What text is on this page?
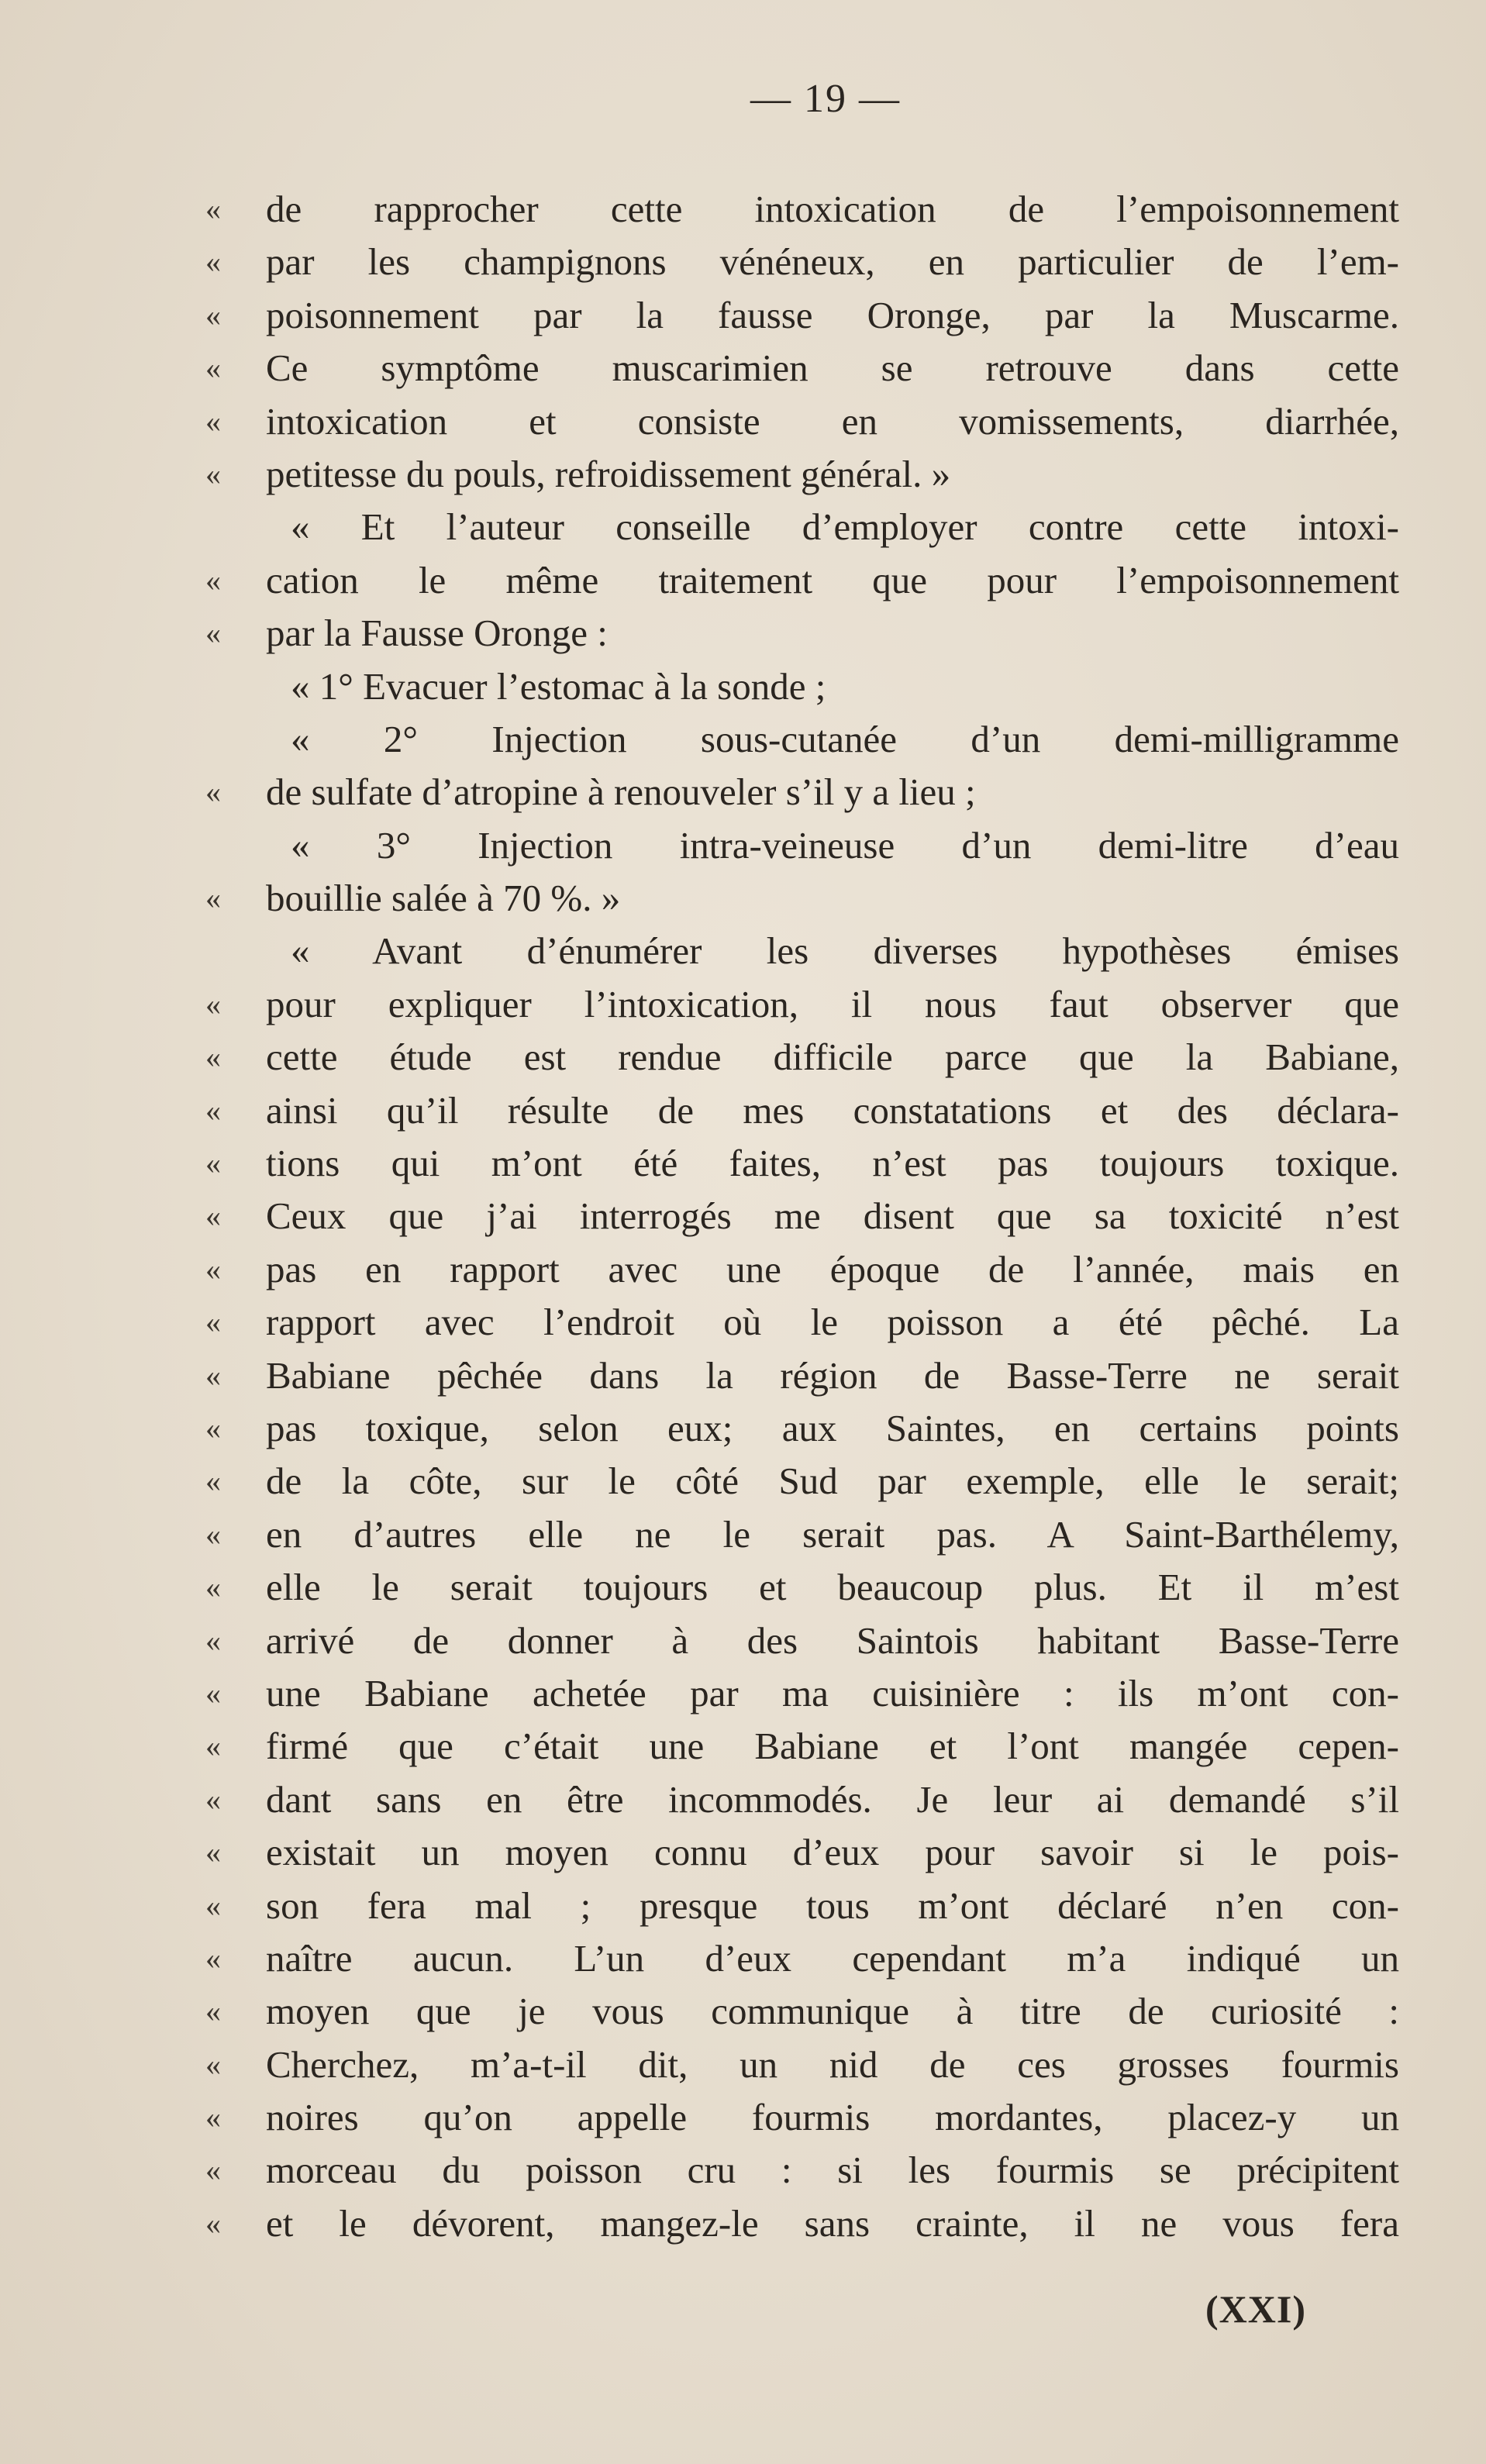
— 19 —
«	de rapprocher cette intoxication de l’empoisonnement
«	par les champignons vénéneux, en particulier de l’em-
«	poisonnement par la fausse Oronge, par la Muscarme.
«	Ce symptôme muscarimien se retrouve dans cette
«	intoxication et consiste en vomissements, diarrhée,
«	petitesse du pouls, refroidissement général. »
« Et l’auteur conseille d’employer contre cette intoxi-
«	cation le même traitement que pour l’empoisonnement
«	par la Fausse Oronge :
« 1° Evacuer l’estomac à la sonde ;
« 2° Injection sous-cutanée d’un demi-milligramme
«	de sulfate d’atropine à renouveler s’il y a lieu ;
« 3° Injection intra-veineuse d’un demi-litre d’eau
«	bouillie salée à 70 %. »
« Avant d’énumérer les diverses hypothèses émises
«	pour expliquer l’intoxication, il nous faut observer que
«	cette étude est rendue difficile parce que la Babiane,
«	ainsi qu’il résulte de mes constatations et des déclara-
«	tions qui m’ont été faites, n’est pas toujours toxique.
«	Ceux que j’ai interrogés me disent que sa toxicité n’est
«	pas en rapport avec une époque de l’année, mais en
«	rapport avec l’endroit où le poisson a été pêché. La
«	Babiane pêchée dans la région de Basse-Terre ne serait
«	pas toxique, selon eux; aux Saintes, en certains points
«	de la côte, sur le côté Sud par exemple, elle le serait;
«	en d’autres elle ne le serait pas. A Saint-Barthélemy,
«	elle le serait toujours et beaucoup plus. Et il m’est
«	arrivé de donner à des Saintois habitant Basse-Terre
«	une Babiane achetée par ma cuisinière : ils m’ont con-
«	firmé que c’était une Babiane et l’ont mangée cepen-
«	dant sans en être incommodés. Je leur ai demandé s’il
«	existait un moyen connu d’eux pour savoir si le pois-
«	son fera mal ; presque tous m’ont déclaré n’en con-
«	naître aucun. L’un d’eux cependant m’a indiqué un
«	moyen que je vous communique à titre de curiosité :
«	Cherchez, m’a-t-il dit, un nid de ces grosses fourmis
«	noires qu’on appelle fourmis mordantes, placez-y un
«	morceau du poisson cru : si les fourmis se précipitent
«	et le dévorent, mangez-le sans crainte, il ne vous fera
(XXI)
